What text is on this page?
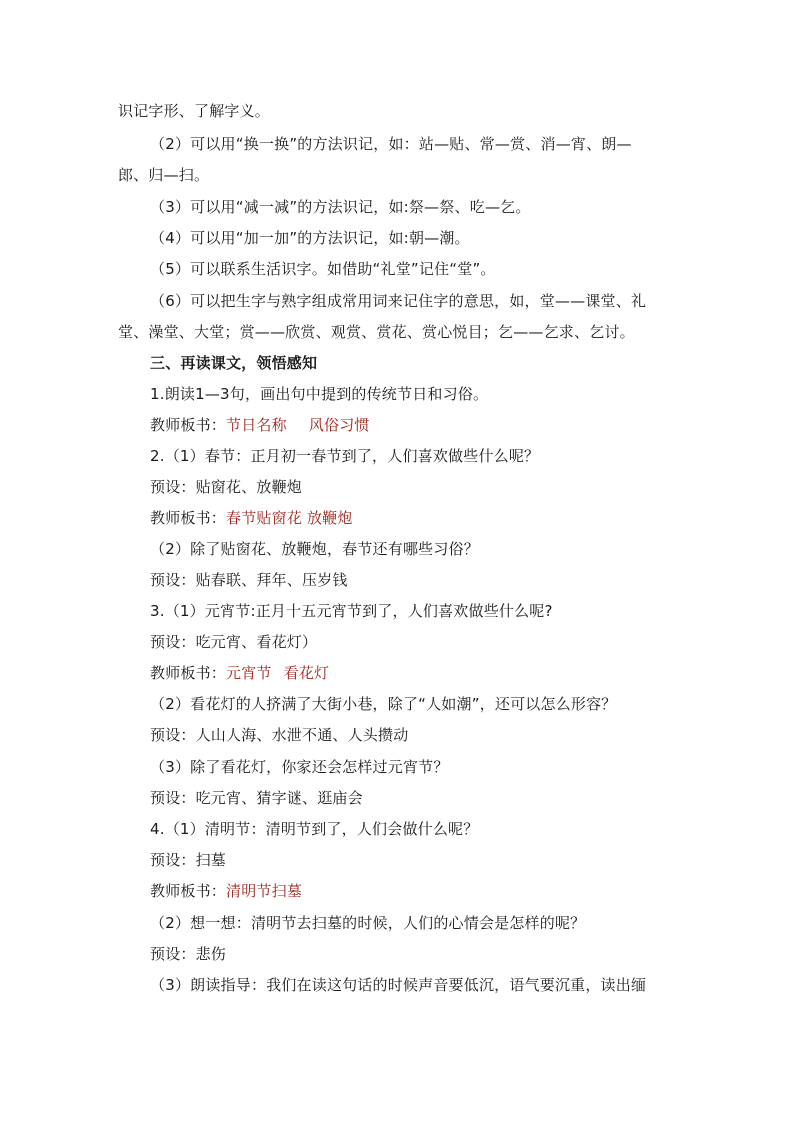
识记字形、了解字义。
（2）可以用“换一换”的方法识记，如：站—贴、常—赏、消—宵、朗—
郎、归—扫。
（3）可以用“减一减”的方法识记，如:祭—祭、吃—乞。
（4）可以用“加一加”的方法识记，如:朝—潮。
（5）可以联系生活识字。如借助“礼堂”记住“堂”。
（6）可以把生字与熟字组成常用词来记住字的意思，如，堂——课堂、礼
堂、澡堂、大堂；赏——欣赏、观赏、赏花、赏心悦目；乞——乞求、乞讨。
三、再读课文，领悟感知
1.朗读1—3句，画出句中提到的传统节日和习俗。
教师板书：节日名称 风俗习惯
2.（1）春节：正月初一春节到了，人们喜欢做些什么呢？
预设：贴窗花、放鞭炮
教师板书：春节贴窗花 放鞭炮
（2）除了贴窗花、放鞭炮，春节还有哪些习俗？
预设：贴春联、拜年、压岁钱
3.（1）元宵节:正月十五元宵节到了，人们喜欢做些什么呢?
预设：吃元宵、看花灯）
教师板书：元宵节 看花灯
（2）看花灯的人挤满了大街小巷，除了“人如潮”，还可以怎么形容？
预设：人山人海、水泄不通、人头攒动
（3）除了看花灯，你家还会怎样过元宵节？
预设：吃元宵、猜字谜、逛庙会
4.（1）清明节：清明节到了，人们会做什么呢？
预设：扫墓
教师板书：清明节扫墓
（2）想一想：清明节去扫墓的时候，人们的心情会是怎样的呢？
预设：悲伤
（3）朗读指导：我们在读这句话的时候声音要低沉，语气要沉重，读出缅
